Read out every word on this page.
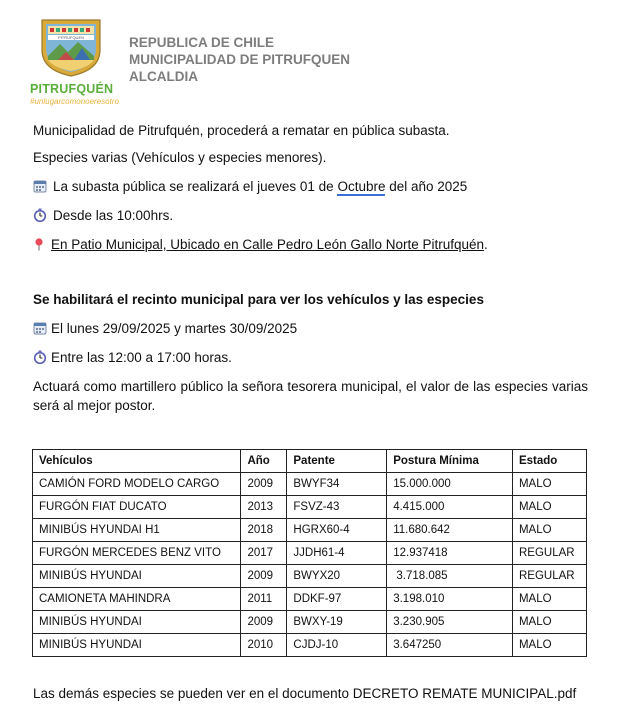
PITRUFQUEN
PITRUFQUÉN
#unlugarcomonoeresotro
REPUBLICA DE CHILE
MUNICIPALIDAD DE PITRUFQUEN
ALCALDIA
Municipalidad de Pitrufquén, procederá a rematar en pública subasta.
Especies varias (Vehículos y especies menores).
La subasta pública se realizará el jueves 01 de Octubre del año 2025
Desde las 10:00hrs.
En Patio Municipal, Ubicado en Calle Pedro León Gallo Norte Pitrufquén.
Se habilitará el recinto municipal para ver los vehículos y las especies
El lunes 29/09/2025 y martes 30/09/2025
Entre las 12:00 a 17:00 horas.
Actuará como martillero público la señora tesorera municipal, el valor de las especies varias será al mejor postor.
Vehículos	Año	Patente	Postura Mínima	Estado
CAMIÓN FORD MODELO CARGO	2009	BWYF34	15.000.000	MALO
FURGÓN FIAT DUCATO	2013	FSVZ-43	4.415.000	MALO
MINIBÚS HYUNDAI H1	2018	HGRX60-4	11.680.642	MALO
FURGÓN MERCEDES BENZ VITO	2017	JJDH61-4	12.937418	REGULAR
MINIBÚS HYUNDAI	2009	BWYX20	3.718.085	REGULAR
CAMIONETA MAHINDRA	2011	DDKF-97	3.198.010	MALO
MINIBÚS HYUNDAI	2009	BWXY-19	3.230.905	MALO
MINIBÚS HYUNDAI	2010	CJDJ-10	3.647250	MALO
Las demás especies se pueden ver en el documento DECRETO REMATE MUNICIPAL.pdf
